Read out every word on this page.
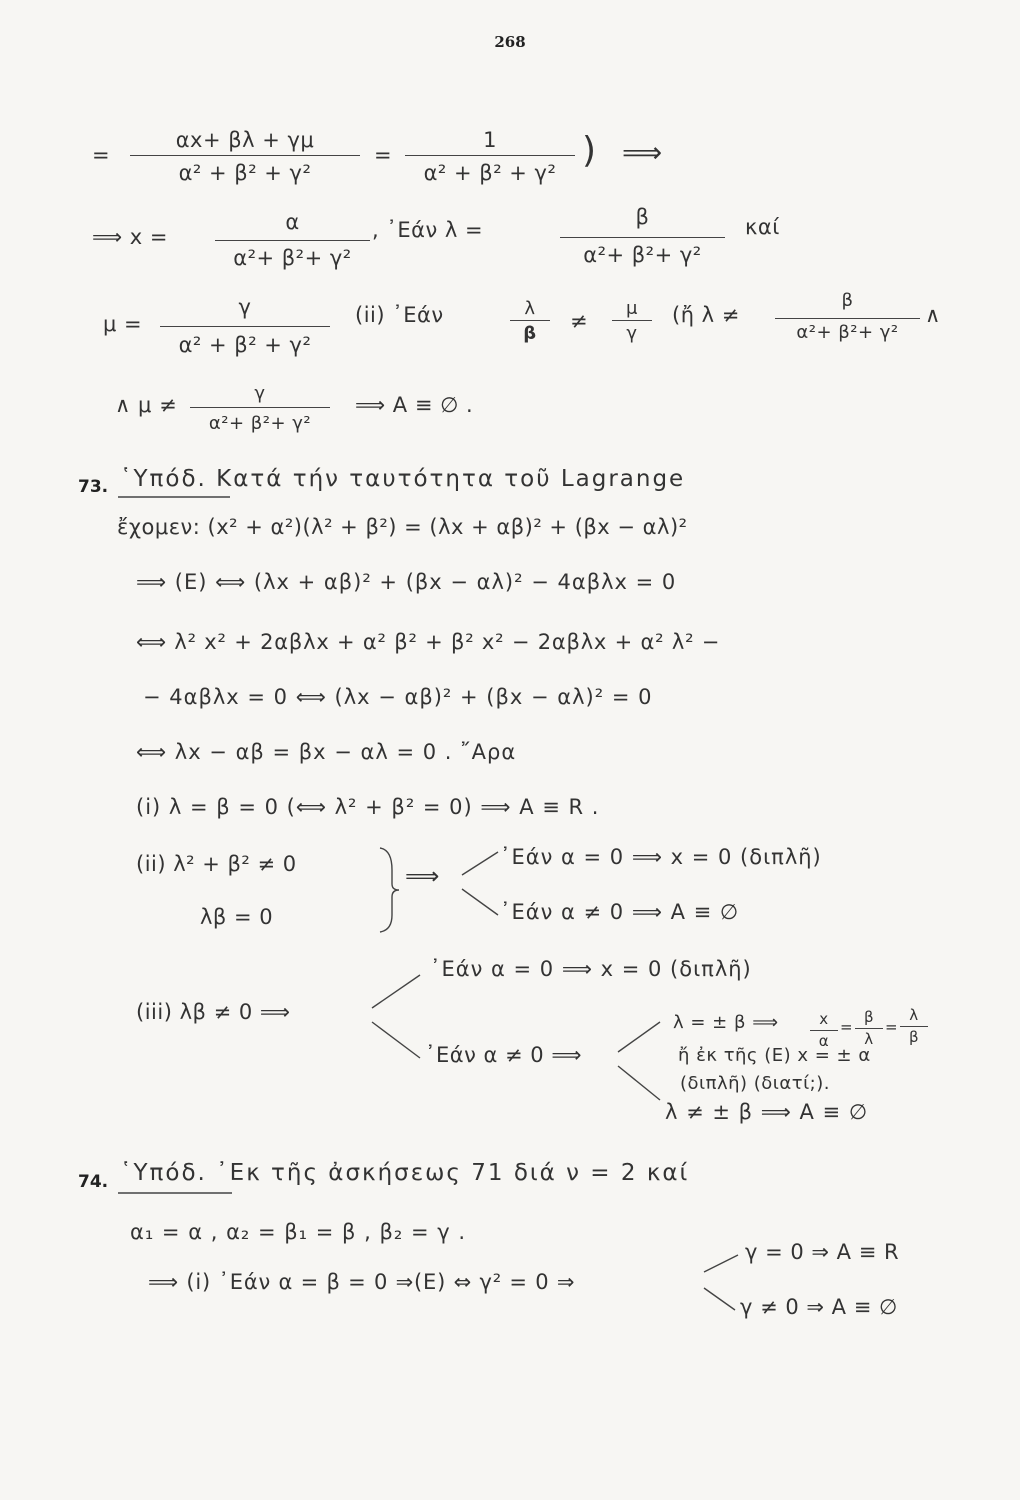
268
=
αx+ βλ + γμ
α² + β² + γ²
=
1
α² + β² + γ²
) ⟹
⟹ x =
α
α²+ β²+ γ²
, ᾿Εάν λ =
β
α²+ β²+ γ²
καί
μ =
γ
α² + β² + γ²
(ii) ᾿Εάν	λ
β
≠
μ
γ
(ἤ λ ≠
β
α²+ β²+ γ²
∧
∧ μ ≠	γ
α²+ β²+ γ²
⟹ A ≡ ∅ .
73. ῾Υπόδ. Κατά τήν ταυτότητα τοῦ Lagrange
ἔχομεν: (x² + α²)(λ² + β²) = (λx + αβ)² + (βx − αλ)²
⟹ (E) ⟺ (λx + αβ)² + (βx − αλ)² − 4αβλx = 0
⟺ λ² x² + 2αβλx + α² β² + β² x² − 2αβλx + α² λ² −
− 4αβλx = 0 ⟺ (λx − αβ)² + (βx − αλ)² = 0
⟺ λx − αβ = βx − αλ = 0 . ῎Αρα
(i) λ = β = 0 (⟺ λ² + β² = 0) ⟹ A ≡ R .
(ii) λ² + β² ≠ 0
λβ = 0
⟹
᾿Εάν α = 0 ⟹ x = 0 (διπλῆ)
᾿Εάν α ≠ 0 ⟹ A ≡ ∅
(iii) λβ ≠ 0 ⟹
᾿Εάν α = 0 ⟹ x = 0 (διπλῆ)
᾿Εάν α ≠ 0 ⟹
λ = ± β ⟹	x
α
=
β
λ
=
λ
β
ἤ ἐκ τῆς (E) x = ± α
(διπλῆ) (διατί;).
λ ≠ ± β ⟹ A ≡ ∅
74. ῾Υπόδ. ᾿Εκ τῆς ἀσκήσεως 71 διά ν = 2 καί
α₁ = α , α₂ = β₁ = β , β₂ = γ .
⟹ (i) ᾿Εάν α = β = 0 ⇒(E) ⇔ γ² = 0 ⇒
γ = 0 ⇒ A ≡ R
γ ≠ 0 ⇒ A ≡ ∅
